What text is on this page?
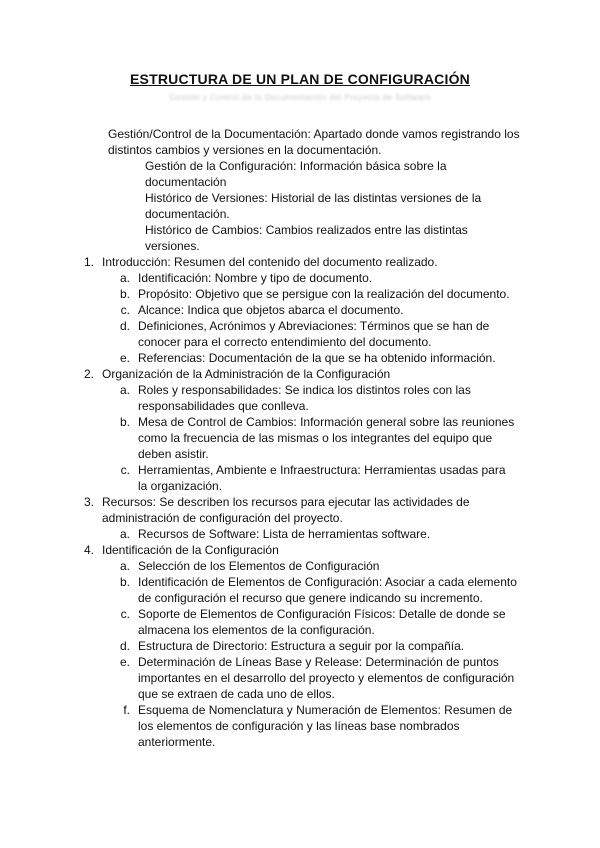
ESTRUCTURA DE UN PLAN DE CONFIGURACIÓN
Gestión y Control de la Documentación del Proyecto de Software
Gestión/Control de la Documentación: Apartado donde vamos registrando los distintos cambios y versiones en la documentación.
Gestión de la Configuración: Información básica sobre la documentación
Histórico de Versiones: Historial de las distintas versiones de la documentación.
Histórico de Cambios: Cambios realizados entre las distintas versiones.
1. Introducción: Resumen del contenido del documento realizado.
a. Identificación: Nombre y tipo de documento.
b. Propósito: Objetivo que se persigue con la realización del documento.
c. Alcance: Indica que objetos abarca el documento.
d. Definiciones, Acrónimos y Abreviaciones: Términos que se han de conocer para el correcto entendimiento del documento.
e. Referencias: Documentación de la que se ha obtenido información.
2. Organización de la Administración de la Configuración
a. Roles y responsabilidades: Se indica los distintos roles con las responsabilidades que conlleva.
b. Mesa de Control de Cambios: Información general sobre las reuniones como la frecuencia de las mismas o los integrantes del equipo que deben asistir.
c. Herramientas, Ambiente e Infraestructura: Herramientas usadas para la organización.
3. Recursos: Se describen los recursos para ejecutar las actividades de administración de configuración del proyecto.
a. Recursos de Software: Lista de herramientas software.
4. Identificación de la Configuración
a. Selección de los Elementos de Configuración
b. Identificación de Elementos de Configuración: Asociar a cada elemento de configuración el recurso que genere indicando su incremento.
c. Soporte de Elementos de Configuración Físicos: Detalle de donde se almacena los elementos de la configuración.
d. Estructura de Directorio: Estructura a seguir por la compañía.
e. Determinación de Líneas Base y Release: Determinación de puntos importantes en el desarrollo del proyecto y elementos de configuración que se extraen de cada uno de ellos.
f. Esquema de Nomenclatura y Numeración de Elementos: Resumen de los elementos de configuración y las líneas base nombrados anteriormente.
